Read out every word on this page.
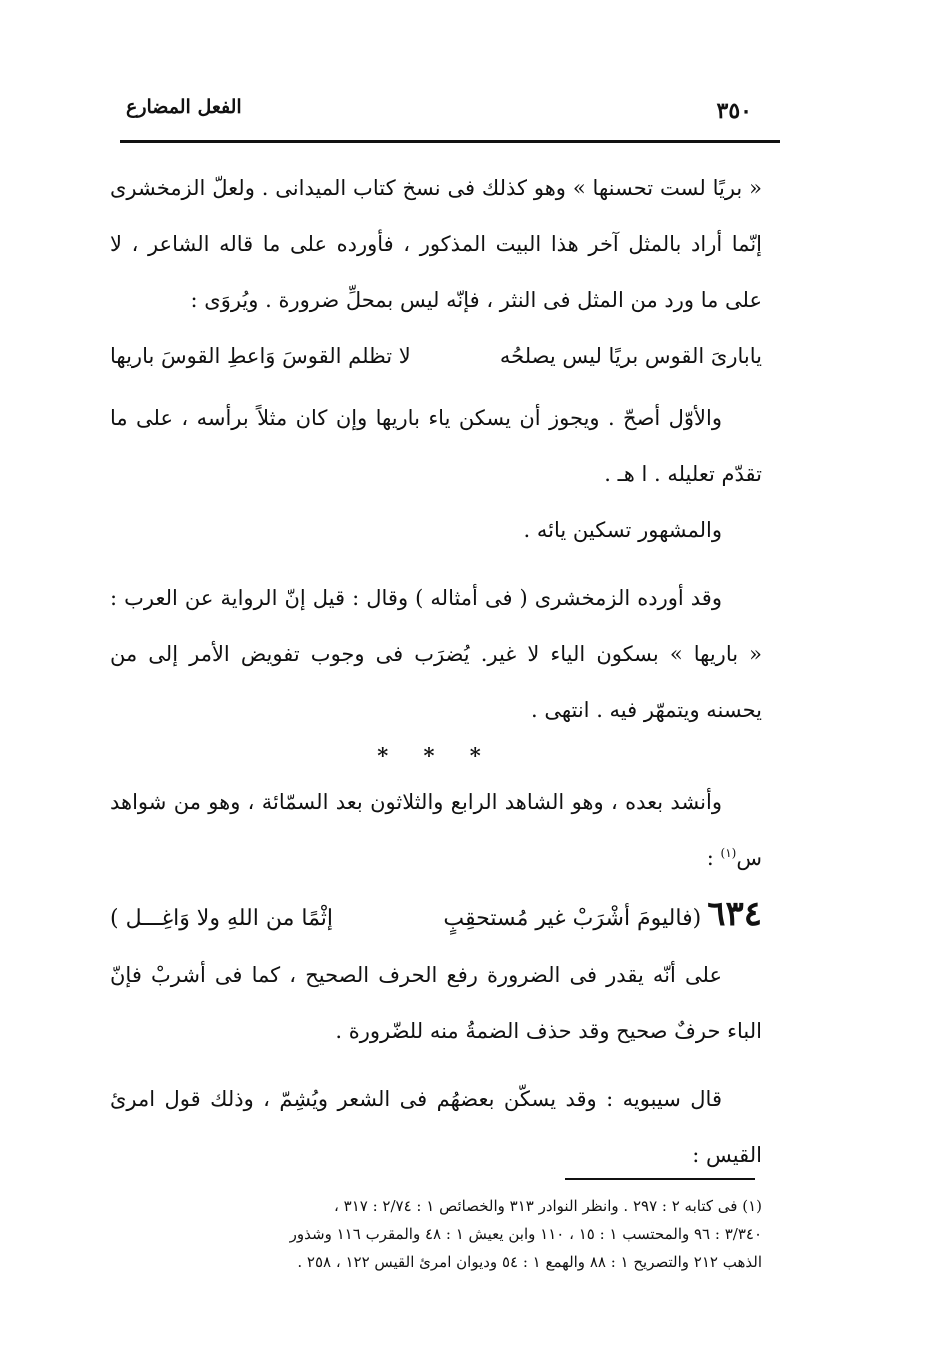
٣٥٠
الفعل المضارع

« بريًا لست تحسنها » وهو كذلك فى نسخ كتاب الميدانى . ولعلّ الزمخشرى إنّما أراد بالمثل آخر هذا البيت المذكور ، فأورده على ما قاله الشاعر ، لا على ما ورد من المثل فى النثر ، فإنّه ليس بمحلِّ ضرورة . ويُروَى :

يابارىَ القوس بريًا ليس يصلحُه
لا تظلم القوسَ وَاعطِ القوسَ باريها

والأوّل أصحّ . ويجوز أن يسكن ياء باريها وإن كان مثلاً برأسه ، على ما تقدّم تعليله . ا هـ .

والمشهور تسكين يائه .

وقد أورده الزمخشرى ( فى أمثاله ) وقال : قيل إنّ الرواية عن العرب : « باريها » بسكون الياء لا غير. يُضرَب فى وجوب تفويض الأمر إلى من يحسنه ويتمهّر فيه . انتهى .

* * *

وأنشد بعده ، وهو الشاهد الرابع والثلاثون بعد السمّائة ، وهو من شواهد س$^{(١)}$ :

٦٣٤(فاليومَ أشْرَبْ غير مُستحقِبٍ
إثْمًا من اللهِ ولا وَاغِـــل )

على أنّه يقدر فى الضرورة رفع الحرف الصحيح ، كما فى أشربْ فإنّ الباء حرفٌ صحيح وقد حذف الضمةُ منه للضّرورة .

قال سيبويه : وقد يسكّن بعضهُم فى الشعر ويُشِمّ ، وذلك قول امرئ القيس :

(١) فى كتابه ٢ : ٢٩٧ . وانظر النوادر ٣١٣ والخصائص ١ : ٢/٧٤ : ٣١٧ ،

٣/٣٤٠ : ٩٦ والمحتسب ١ : ١٥ ، ١١٠ وابن يعيش ١ : ٤٨ والمقرب ١١٦ وشذور

الذهب ٢١٢ والتصريح ١ : ٨٨ والهمع ١ : ٥٤ وديوان امرئ القيس ١٢٢ ، ٢٥٨ .
